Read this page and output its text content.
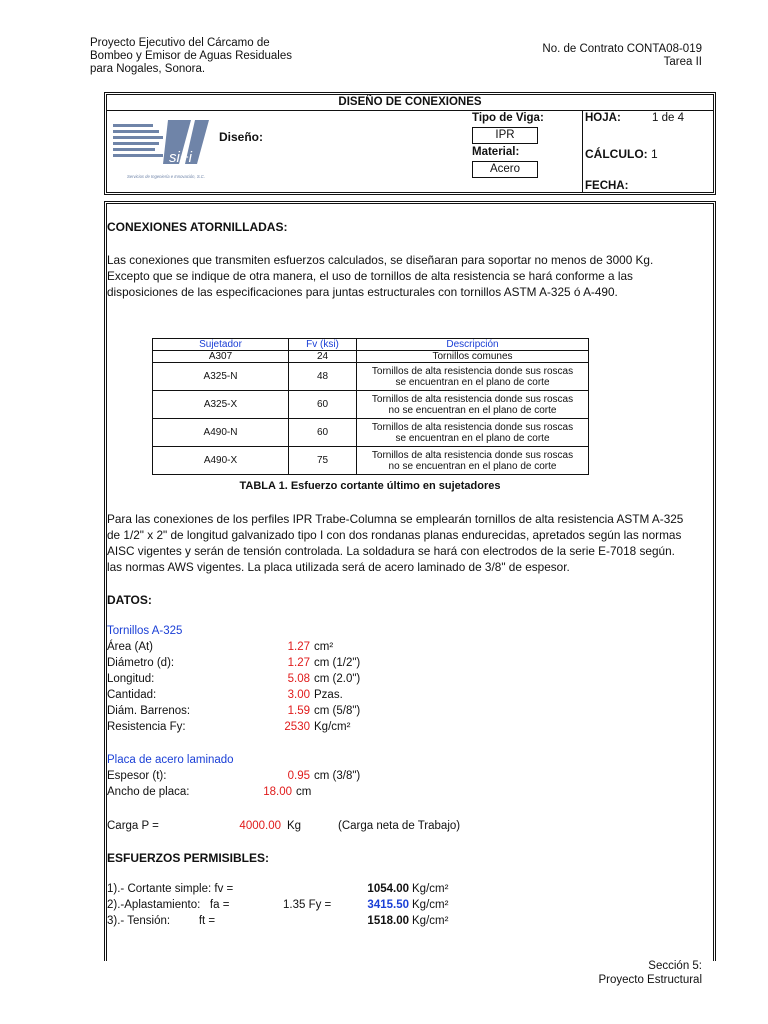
Proyecto Ejecutivo del Cárcamo de
Bombeo y Emisor de Aguas Residuales
para Nogales, Sonora.
No. de Contrato CONTA08-019
Tarea II
DISEÑO DE CONEXIONES
si+i
Servicios de Ingeniería e Innovación, S.C.
Diseño:
Tipo de Viga:
IPR
Material:
Acero
HOJA:	1 de 4
CÁLCULO: 1
FECHA:
CONEXIONES ATORNILLADAS:
Las conexiones que transmiten esfuerzos calculados, se diseñaran para soportar no menos de 3000 Kg.
Excepto que se indique de otra manera, el uso de tornillos de alta resistencia se hará conforme a las
disposiciones de las especificaciones para juntas estructurales con tornillos ASTM A-325 ó A-490.
Sujetador	Fv (ksi)	Descripción
A307	24	Tornillos comunes
A325-N	48	Tornillos de alta resistencia donde sus roscas
se encuentran en el plano de corte

A325-X	60	Tornillos de alta resistencia donde sus roscas
no se encuentran en el plano de corte

A490-N	60	Tornillos de alta resistencia donde sus roscas
se encuentran en el plano de corte

A490-X	75	Tornillos de alta resistencia donde sus roscas
no se encuentran en el plano de corte
TABLA 1. Esfuerzo cortante último en sujetadores
Para las conexiones de los perfiles IPR Trabe-Columna se emplearán tornillos de alta resistencia ASTM A-325
de 1/2" x 2" de longitud galvanizado tipo I con dos rondanas planas endurecidas, apretados según las normas
AISC vigentes y serán de tensión controlada. La soldadura se hará con electrodos de la serie E-7018 según.
las normas AWS vigentes. La placa utilizada será de acero laminado de 3/8" de espesor.
DATOS:
Tornillos A-325
Área (At)	1.27 cm²
Diámetro (d):	1.27 cm (1/2")
Longitud:	5.08 cm (2.0")
Cantidad:	3.00 Pzas.
Diám. Barrenos:	1.59 cm (5/8")
Resistencia Fy:	2530 Kg/cm²
Placa de acero laminado
Espesor (t):	0.95 cm (3/8")
Ancho de placa:	18.00 cm
Carga P =	4000.00 Kg	(Carga neta de Trabajo)
ESFUERZOS PERMISIBLES:
1).- Cortante simple: fv =	1054.00 Kg/cm²
2).-Aplastamiento:   fa =	1.35 Fy =	3415.50 Kg/cm²
3).- Tensión:         ft =	1518.00 Kg/cm²
Sección 5:
Proyecto Estructural
